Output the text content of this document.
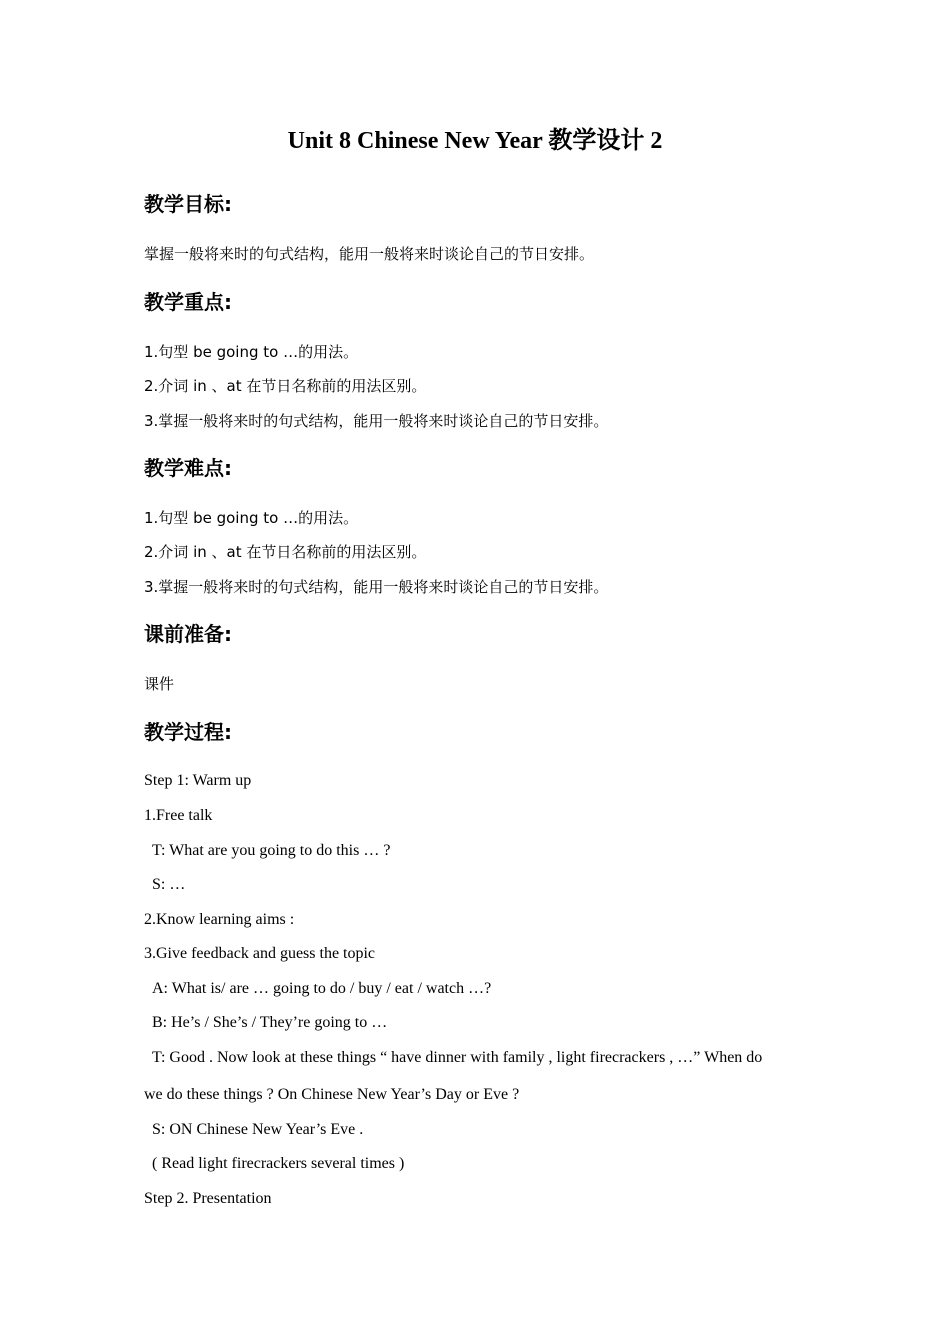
Unit 8 Chinese New Year 教学设计 2
教学目标:
掌握一般将来时的句式结构，能用一般将来时谈论自己的节日安排。
教学重点:
1.句型 be going to …的用法。
2.介词 in 、at 在节日名称前的用法区别。
3.掌握一般将来时的句式结构，能用一般将来时谈论自己的节日安排。
教学难点:
1.句型 be going to …的用法。
2.介词 in 、at 在节日名称前的用法区别。
3.掌握一般将来时的句式结构，能用一般将来时谈论自己的节日安排。
课前准备:
课件
教学过程:
Step 1: Warm up
1.Free talk
T: What are you going to do this … ?
S: …
2.Know learning aims :
3.Give feedback and guess the topic
A: What is/ are … going to do / buy / eat / watch …?
B: He’s / She’s / They’re going to …
T: Good . Now look at these things “ have dinner with family , light firecrackers , …” When do
we do these things ? On Chinese New Year’s Day or Eve ?
S: ON Chinese New Year’s Eve .
( Read light firecrackers several times )
Step 2. Presentation
